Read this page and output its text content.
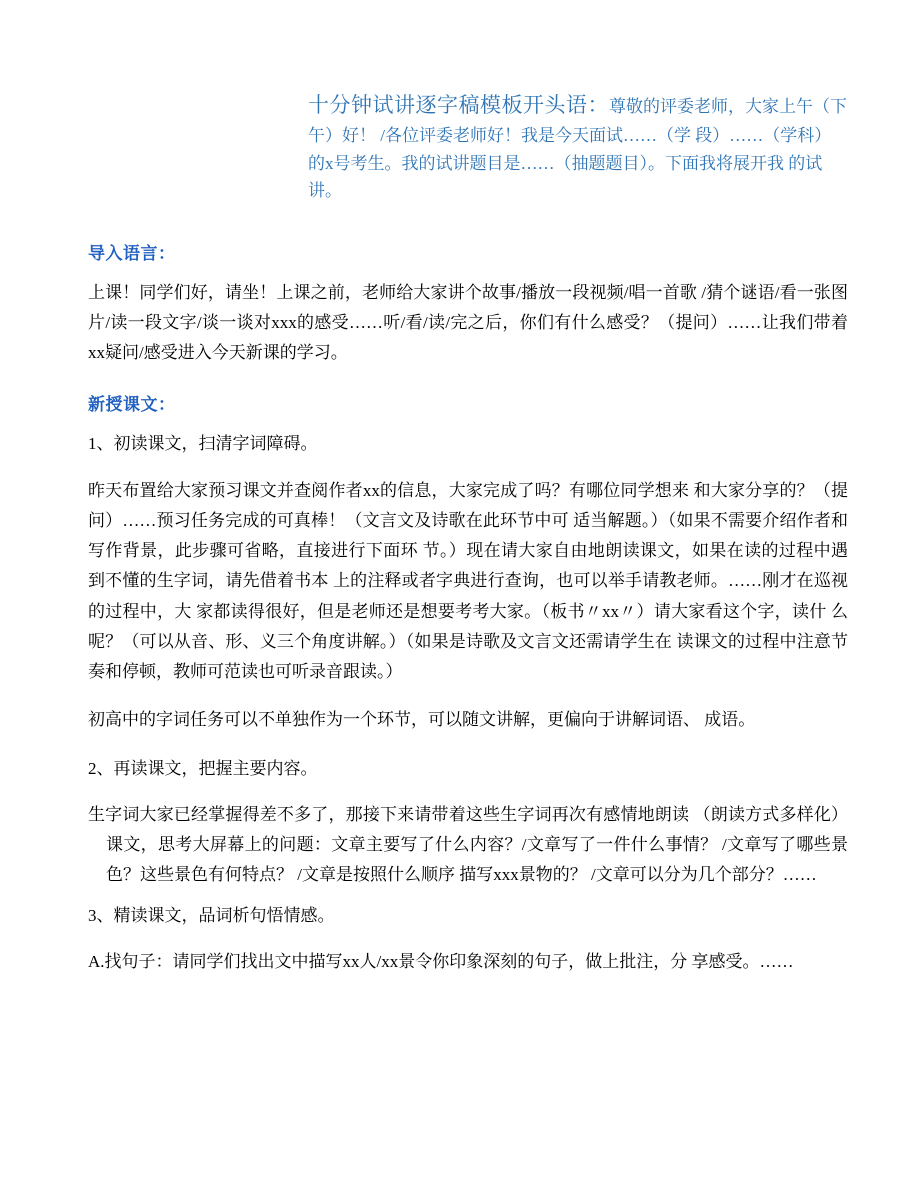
十分钟试讲逐字稿模板开头语：尊敬的评委老师，大家上午（下午）好！ /各位评委老师好！我是今天面试……（学 段）……（学科）的x号考生。我的试讲题目是……（抽题题目）。下面我将展开我 的试讲。
导入语言：

上课！同学们好，请坐！上课之前，老师给大家讲个故事/播放一段视频/唱一首歌 /猜个谜语/看一张图片/读一段文字/谈一谈对xxx的感受……听/看/读/完之后，你们有什么感受？（提问）……让我们带着xx疑问/感受进入今天新课的学习。

新授课文：

1、初读课文，扫清字词障碍。

昨天布置给大家预习课文并查阅作者xx的信息，大家完成了吗？有哪位同学想来 和大家分享的？（提问）……预习任务完成的可真棒！（文言文及诗歌在此环节中可 适当解题。）（如果不需要介绍作者和写作背景，此步骤可省略，直接进行下面环 节。）现在请大家自由地朗读课文，如果在读的过程中遇到不懂的生字词，请先借着书本 上的注释或者字典进行查询，也可以举手请教老师。……刚才在巡视的过程中，大 家都读得很好，但是老师还是想要考考大家。（板书〃xx〃）请大家看这个字，读什 么呢？（可以从音、形、义三个角度讲解。）（如果是诗歌及文言文还需请学生在 读课文的过程中注意节奏和停顿，教师可范读也可听录音跟读。）

初高中的字词任务可以不单独作为一个环节，可以随文讲解，更偏向于讲解词语、 成语。

2、再读课文，把握主要内容。

生字词大家已经掌握得差不多了，那接下来请带着这些生字词再次有感情地朗读 （朗读方式多样化）课文，思考大屏幕上的问题：文章主要写了什么内容？/文章写了一件什么事情？ /文章写了哪些景色？这些景色有何特点？ /文章是按照什么顺序 描写xxx景物的？ /文章可以分为几个部分？……

3、精读课文，品词析句悟情感。

A.找句子：请同学们找出文中描写xx人/xx景令你印象深刻的句子，做上批注，分 享感受。……
